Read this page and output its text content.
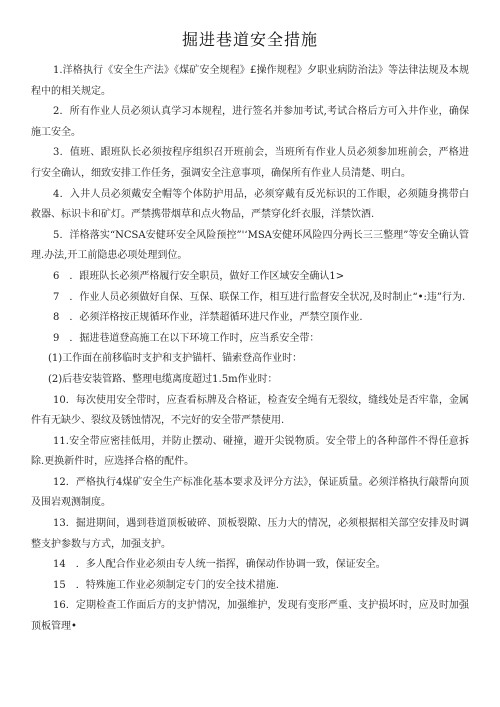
掘进巷道安全措施

1.洋格执行《安全生产法》《煤矿安全规程》£操作规程》夕职业病防治法》等法律法规及本规程中的相关规定。

2．所有作业人员必须认真学习本规程，进行签名并参加考试,考试合格后方可入井作业，确保施工安全。

3．值班、跟班队长必须按程序组织召开班前会，当班所有作业人员必须参加班前会，严格进行安全确认，细致安排工作任务，强调安全注意事项，确保所有作业人员清楚、明白。

4．入井人员必须戴安全帽等个体防护用品，必须穿戴有反光标识的工作眼，必须随身携带白救器、标识卡和矿灯。严禁携带烟草和点火物品，严禁穿化纤衣服，洋禁饮酒.

5．洋格落实“NCSA安健环安全风险预控”'‘MSA安健环风险四分两长三三整理”等安全确认管理.办法,开工前隐患必项处理到位。

6　．跟班队长必须严格履行安全职员，做好工作区域安全确认1>

7　．作业人员必须做好自保、互保、联保工作，相互进行监督安全状况,及时制止“•:违”行为.

8　．必须洋格按正规循环作业，洋禁超循环进尺作业，严禁空顶作业.

9　．掘进巷道登高施工在以下环境工作时，应当系安全带：

(1)工作面在前移临时支护和支护锚杆、锚索登高作业时：

(2)后巷安装管路、整理电缆离度超过1.5m作业时：

10．每次使用安全带时，应查看标牌及合格证，检查安全绳有无裂纹，缝线处是否牢靠，金属件有无缺少、裂纹及锈蚀情况，不完好的安全带严禁使用.

11.安全带应密挂低用，并防止摆动、碰撞，避开尖锐物质。安全带上的各种部件不得任意拆除.更换新件时，应选择合格的配件。

12．严格执行4煤矿安全生产标准化基本要求及评分方法》，保证质量。必须洋格执行敲帮向顶及围岩观测制度。

13．掘进期间，遇到巷道顶板破碎、顶板裂隙、压力大的情况，必须根据相关部空安排及时调整支护参数与方式，加强支护。

14　．多人配合作业必须由专人统一指挥，确保动作协调一致，保证安全。

15　．特殊施工作业必须制定专门的安全技术措施.

16．定期检查工作面后方的支护情况，加强维护，发现有变形严重、支护损坏时，应及时加强顶板管理•
